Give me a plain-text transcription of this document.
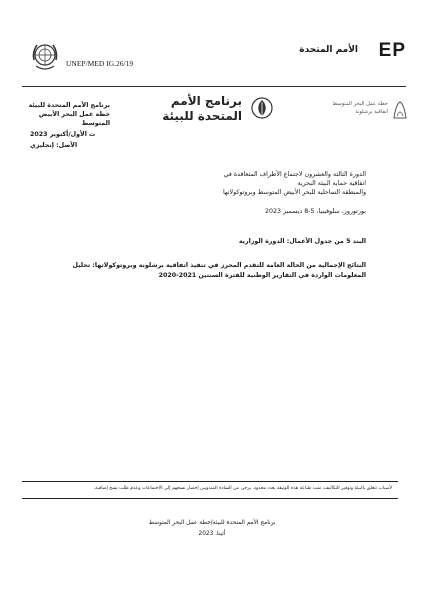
UNEP/MED IG.26/19
الأمم المتحدة EP
برنامج الأمم المتحدة للبيئة
خطة عمل البحر الأبيض
المتوسط
ت الأول/أكتوبر 2023
الأصل: إنجليزي
برنامج الأمم
المتحدة للبيئة
خطة عمل البحر المتوسط
اتفاقية برشلونة
الدورة الثالثة والعشرون لاجتماع الأطراف المتعاقدة في
اتفاقية حماية البيئة البحرية
والمنطقة الساحلية للبحر الأبيض المتوسط وبروتوكولاتها
بورتوروز، سلوفينيا، 5-8 ديسمبر 2023
البند 5 من جدول الأعمال: الدورة الوزارية
النتائج الإجمالية من الحالة العامة للتقدم المحرز في تنفيذ اتفاقية برشلونة وبروتوكولاتها: تحليل المعلومات الواردة في التقارير الوطنية للفترة السنتين 2021-2020
لأسباب تتعلق بالبيئة وتوفير التكاليف، تمت طباعة هذه الوثيقة بعدد محدود. يرجى من السادة المندوبين إحضار نسخهم إلى الاجتماعات وعدم طلب نسخ إضافية.
برنامج الأمم المتحدة للبيئة/خطة عمل البحر المتوسط
أثينا، 2023
